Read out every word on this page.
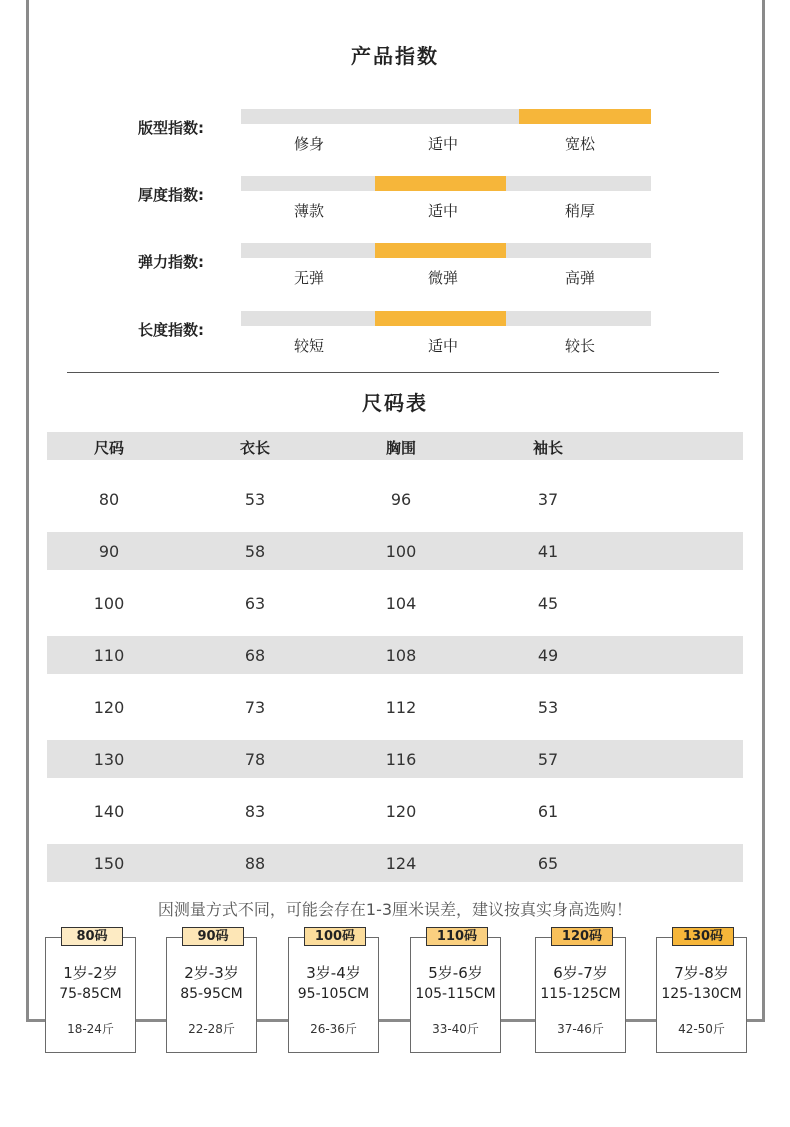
产品指数
版型指数:
修身	适中	宽松
厚度指数:
薄款	适中	稍厚
弹力指数:
无弹	微弹	高弹
长度指数:
较短	适中	较长
尺码表
尺码	衣长	胸围	袖长
80	53	96	37
90	58	100	41
100	63	104	45
110	68	108	49
120	73	112	53
130	78	116	57
140	83	120	61
150	88	124	65
因测量方式不同，可能会存在1-3厘米误差，建议按真实身高选购！
1岁-2岁
75-85CM
18-24斤
80码
2岁-3岁
85-95CM
22-28斤
90码
3岁-4岁
95-105CM
26-36斤
100码
5岁-6岁
105-115CM
33-40斤
110码
6岁-7岁
115-125CM
37-46斤
120码
7岁-8岁
125-130CM
42-50斤
130码
